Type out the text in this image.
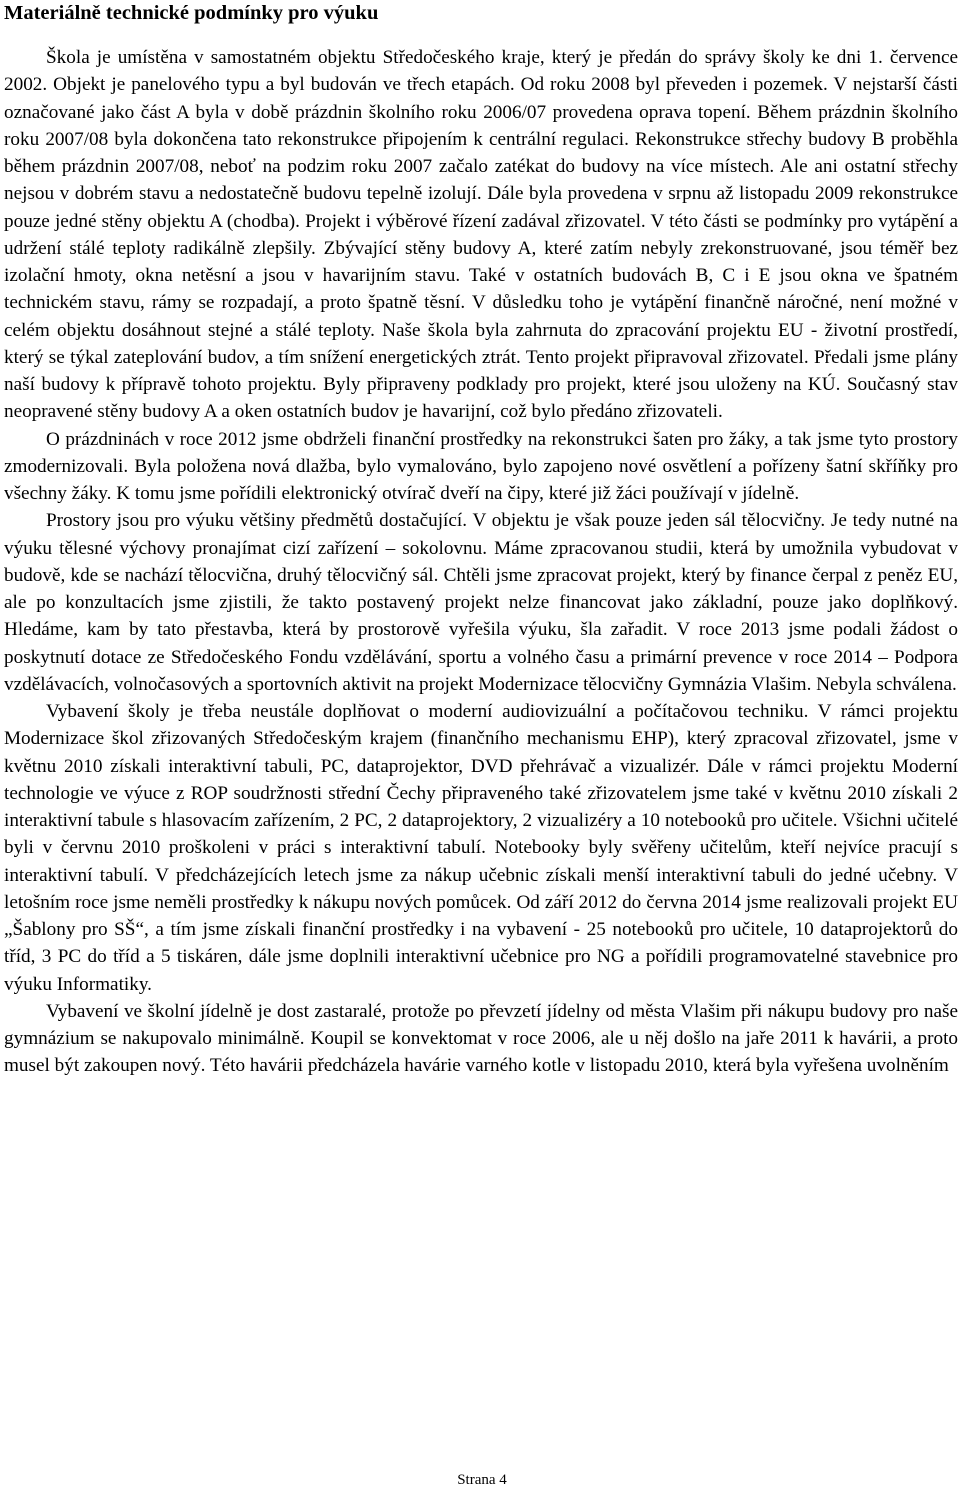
Materiálně technické podmínky pro výuku

Škola je umístěna v samostatném objektu Středočeského kraje, který je předán do správy školy ke dni 1. července 2002. Objekt je panelového typu a byl budován ve třech etapách. Od roku 2008 byl převeden i pozemek. V nejstarší části označované jako část A byla v době prázdnin školního roku 2006/07 provedena oprava topení. Během prázdnin školního roku 2007/08 byla dokončena tato rekonstrukce připojením k centrální regulaci. Rekonstrukce střechy budovy B proběhla během prázdnin 2007/08, neboť na podzim roku 2007 začalo zatékat do budovy na více místech. Ale ani ostatní střechy nejsou v dobrém stavu a nedostatečně budovu tepelně izolují. Dále byla provedena v srpnu až listopadu 2009 rekonstrukce pouze jedné stěny objektu A (chodba). Projekt i výběrové řízení zadával zřizovatel. V této části se podmínky pro vytápění a udržení stálé teploty radikálně zlepšily. Zbývající stěny budovy A, které zatím nebyly zrekonstruované, jsou téměř bez izolační hmoty, okna netěsní a jsou v havarijním stavu. Také v ostatních budovách B, C i E jsou okna ve špatném technickém stavu, rámy se rozpadají, a proto špatně těsní. V důsledku toho je vytápění finančně náročné, není možné v celém objektu dosáhnout stejné a stálé teploty. Naše škola byla zahrnuta do zpracování projektu EU - životní prostředí, který se týkal zateplování budov, a tím snížení energetických ztrát. Tento projekt připravoval zřizovatel. Předali jsme plány naší budovy k přípravě tohoto projektu. Byly připraveny podklady pro projekt, které jsou uloženy na KÚ. Současný stav neopravené stěny budovy A a oken ostatních budov je havarijní, což bylo předáno zřizovateli.

O prázdninách v roce 2012 jsme obdrželi finanční prostředky na rekonstrukci šaten pro žáky, a tak jsme tyto prostory zmodernizovali. Byla položena nová dlažba, bylo vymalováno, bylo zapojeno nové osvětlení a pořízeny šatní skříňky pro všechny žáky. K tomu jsme pořídili elektronický otvírač dveří na čipy, které již žáci používají v jídelně.

Prostory jsou pro výuku většiny předmětů dostačující. V objektu je však pouze jeden sál tělocvičny. Je tedy nutné na výuku tělesné výchovy pronajímat cizí zařízení – sokolovnu. Máme zpracovanou studii, která by umožnila vybudovat v budově, kde se nachází tělocvična, druhý tělocvičný sál. Chtěli jsme zpracovat projekt, který by finance čerpal z peněz EU, ale po konzultacích jsme zjistili, že takto postavený projekt nelze financovat jako základní, pouze jako doplňkový. Hledáme, kam by tato přestavba, která by prostorově vyřešila výuku, šla zařadit. V roce 2013 jsme podali žádost o poskytnutí dotace ze Středočeského Fondu vzdělávání, sportu a volného času a primární prevence v roce 2014 – Podpora vzdělávacích, volnočasových a sportovních aktivit na projekt Modernizace tělocvičny Gymnázia Vlašim. Nebyla schválena.

Vybavení školy je třeba neustále doplňovat o moderní audiovizuální a počítačovou techniku. V rámci projektu Modernizace škol zřizovaných Středočeským krajem (finančního mechanismu EHP), který zpracoval zřizovatel, jsme v květnu 2010 získali interaktivní tabuli, PC, dataprojektor, DVD přehrávač a vizualizér. Dále v rámci projektu Moderní technologie ve výuce z ROP soudržnosti střední Čechy připraveného také zřizovatelem jsme také v květnu 2010 získali 2 interaktivní tabule s hlasovacím zařízením, 2 PC, 2 dataprojektory, 2 vizualizéry a 10 notebooků pro učitele. Všichni učitelé byli v červnu 2010 proškoleni v práci s interaktivní tabulí. Notebooky byly svěřeny učitelům, kteří nejvíce pracují s interaktivní tabulí. V předcházejících letech jsme za nákup učebnic získali menší interaktivní tabuli do jedné učebny. V letošním roce jsme neměli prostředky k nákupu nových pomůcek. Od září 2012 do června 2014 jsme realizovali projekt EU „Šablony pro SŠ“, a tím jsme získali finanční prostředky i na vybavení - 25 notebooků pro učitele, 10 dataprojektorů do tříd, 3 PC do tříd a 5 tiskáren, dále jsme doplnili interaktivní učebnice pro NG a pořídili programovatelné stavebnice pro výuku Informatiky.

Vybavení ve školní jídelně je dost zastaralé, protože po převzetí jídelny od města Vlašim při nákupu budovy pro naše gymnázium se nakupovalo minimálně. Koupil se konvektomat v roce 2006, ale u něj došlo na jaře 2011 k havárii, a proto musel být zakoupen nový. Této havárii předcházela havárie varného kotle v listopadu 2010, která byla vyřešena uvolněním

Strana 4
